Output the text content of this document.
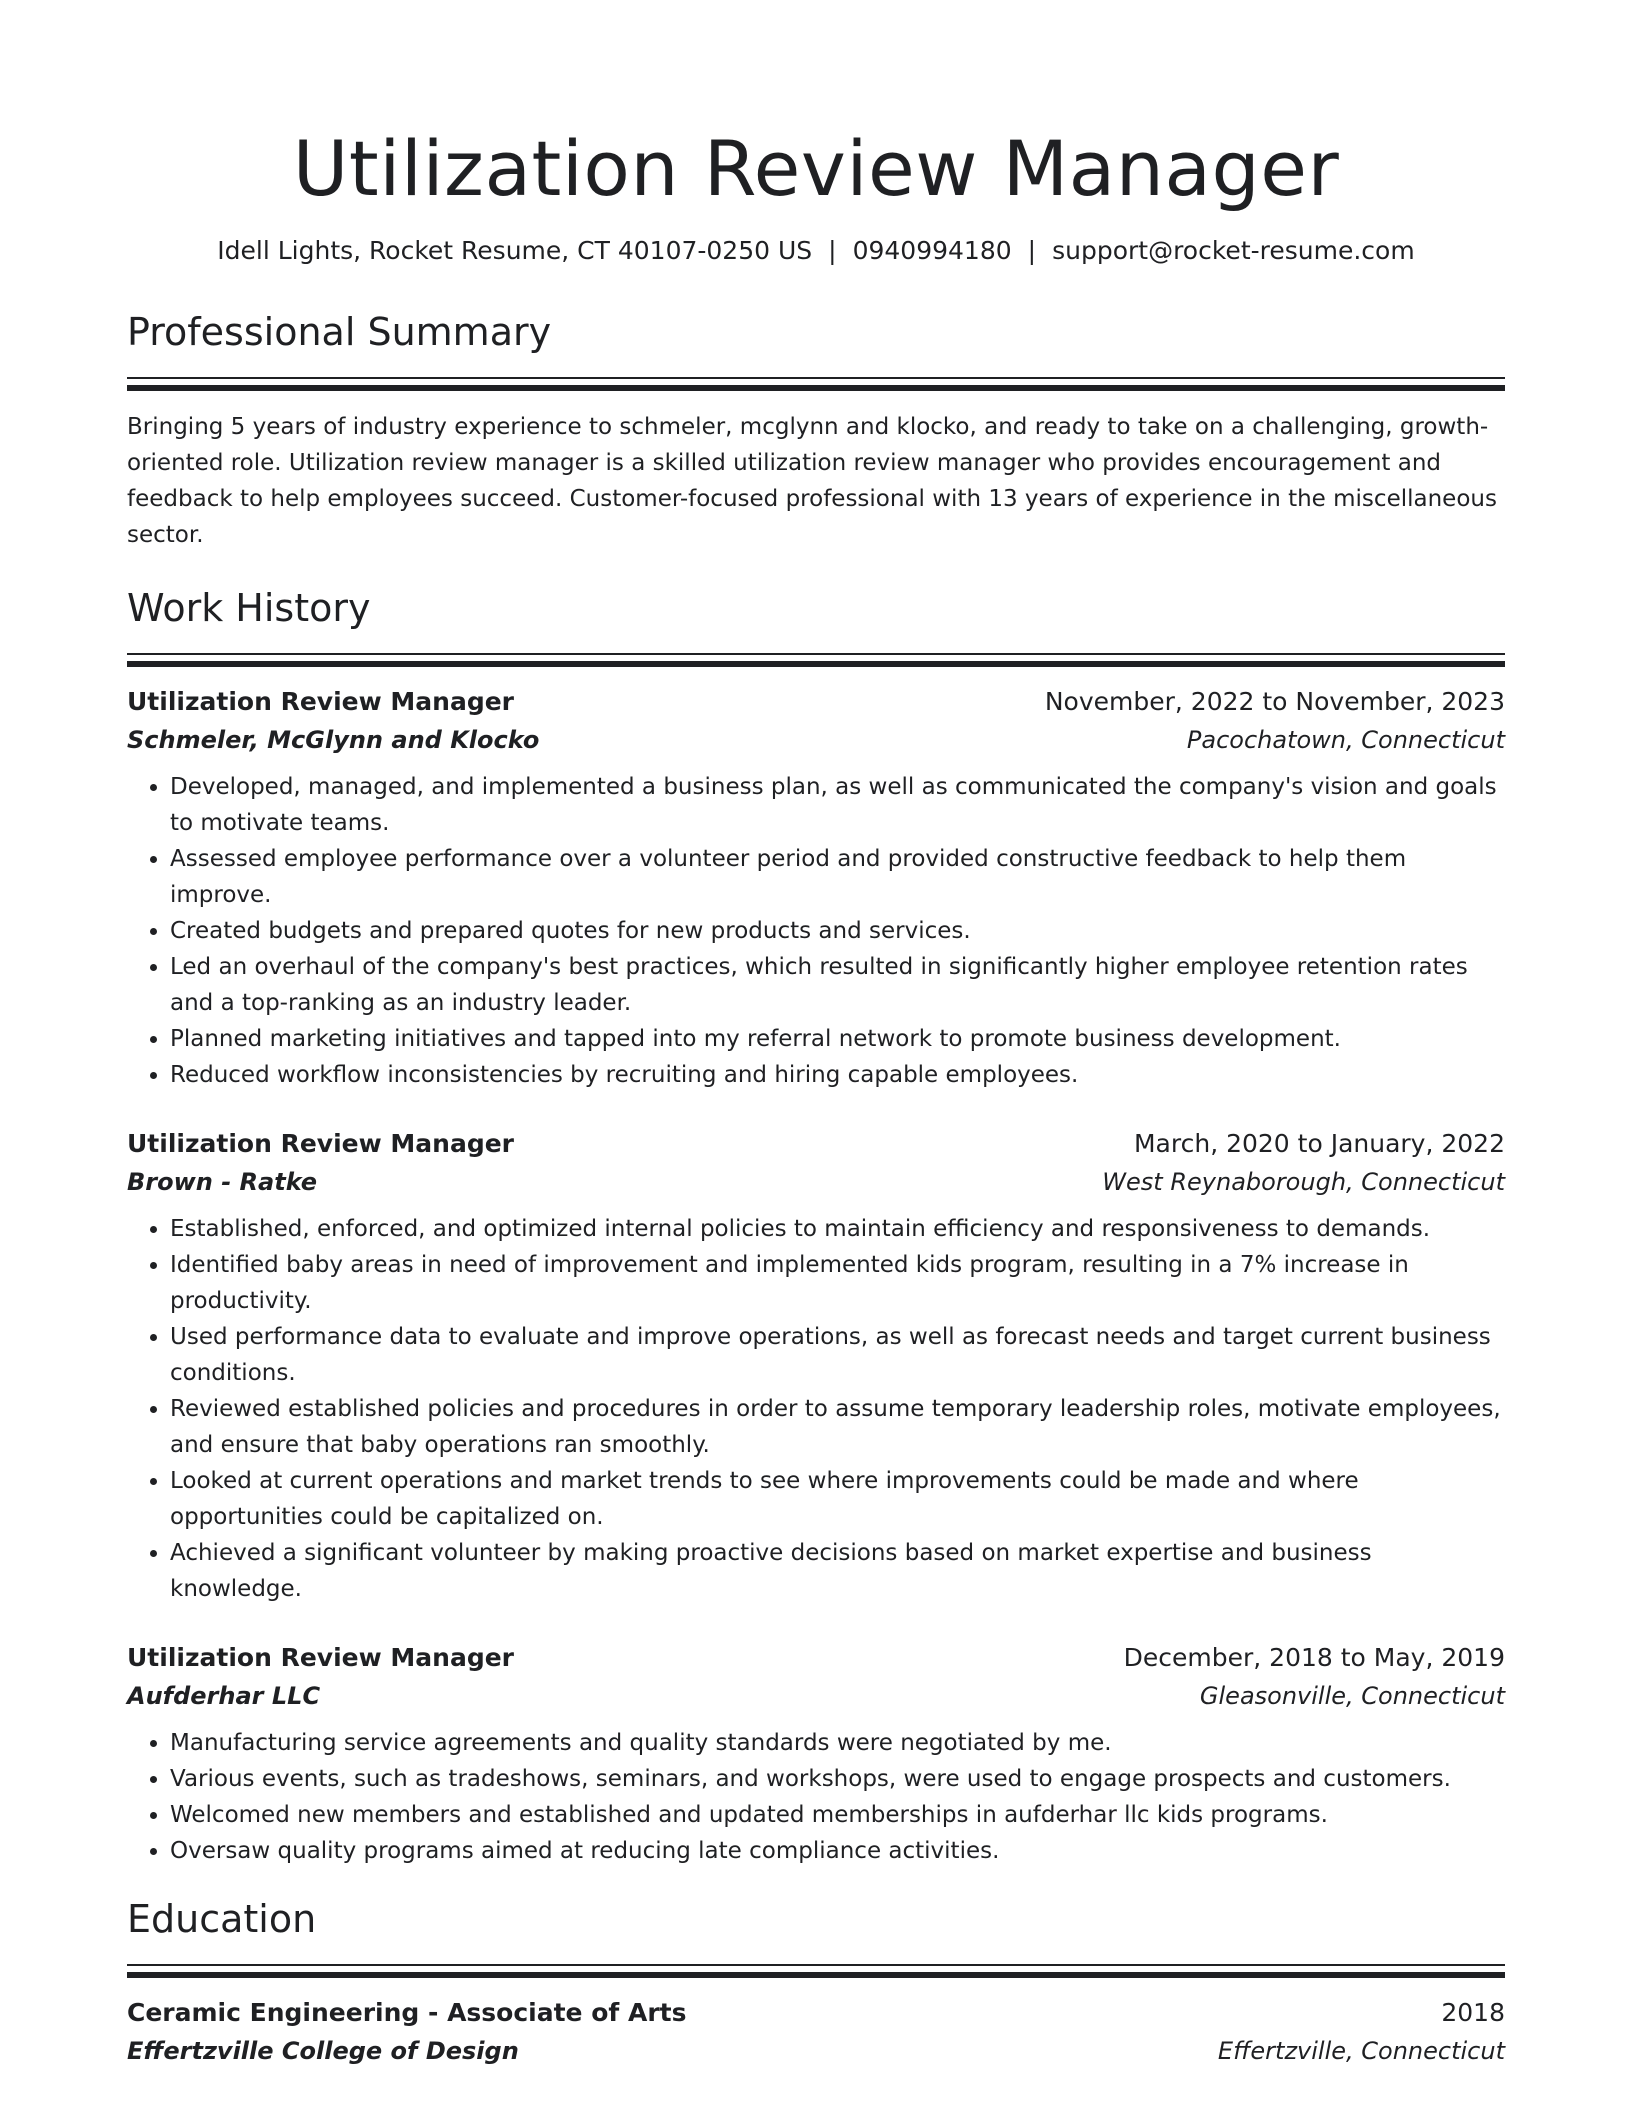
Utilization Review Manager
Idell Lights, Rocket Resume, CT 40107-0250 US | 0940994180 | support@rocket-resume.com
Professional Summary
Bringing 5 years of industry experience to schmeler, mcglynn and klocko, and ready to take on a challenging, growth-oriented role. Utilization review manager is a skilled utilization review manager who provides encouragement and feedback to help employees succeed. Customer-focused professional with 13 years of experience in the miscellaneous sector.
Work History
Utilization Review Manager	November, 2022 to November, 2023
Schmeler, McGlynn and Klocko	Pacochatown, Connecticut
• Developed, managed, and implemented a business plan, as well as communicated the company's vision and goals to motivate teams.
• Assessed employee performance over a volunteer period and provided constructive feedback to help them improve.
• Created budgets and prepared quotes for new products and services.
• Led an overhaul of the company's best practices, which resulted in significantly higher employee retention rates and a top-ranking as an industry leader.
• Planned marketing initiatives and tapped into my referral network to promote business development.
• Reduced workflow inconsistencies by recruiting and hiring capable employees.
Utilization Review Manager	March, 2020 to January, 2022
Brown - Ratke	West Reynaborough, Connecticut
• Established, enforced, and optimized internal policies to maintain efficiency and responsiveness to demands.
• Identified baby areas in need of improvement and implemented kids program, resulting in a 7% increase in productivity.
• Used performance data to evaluate and improve operations, as well as forecast needs and target current business conditions.
• Reviewed established policies and procedures in order to assume temporary leadership roles, motivate employees, and ensure that baby operations ran smoothly.
• Looked at current operations and market trends to see where improvements could be made and where opportunities could be capitalized on.
• Achieved a significant volunteer by making proactive decisions based on market expertise and business knowledge.
Utilization Review Manager	December, 2018 to May, 2019
Aufderhar LLC	Gleasonville, Connecticut
• Manufacturing service agreements and quality standards were negotiated by me.
• Various events, such as tradeshows, seminars, and workshops, were used to engage prospects and customers.
• Welcomed new members and established and updated memberships in aufderhar llc kids programs.
• Oversaw quality programs aimed at reducing late compliance activities.
Education
Ceramic Engineering - Associate of Arts	2018
Effertzville College of Design	Effertzville, Connecticut
